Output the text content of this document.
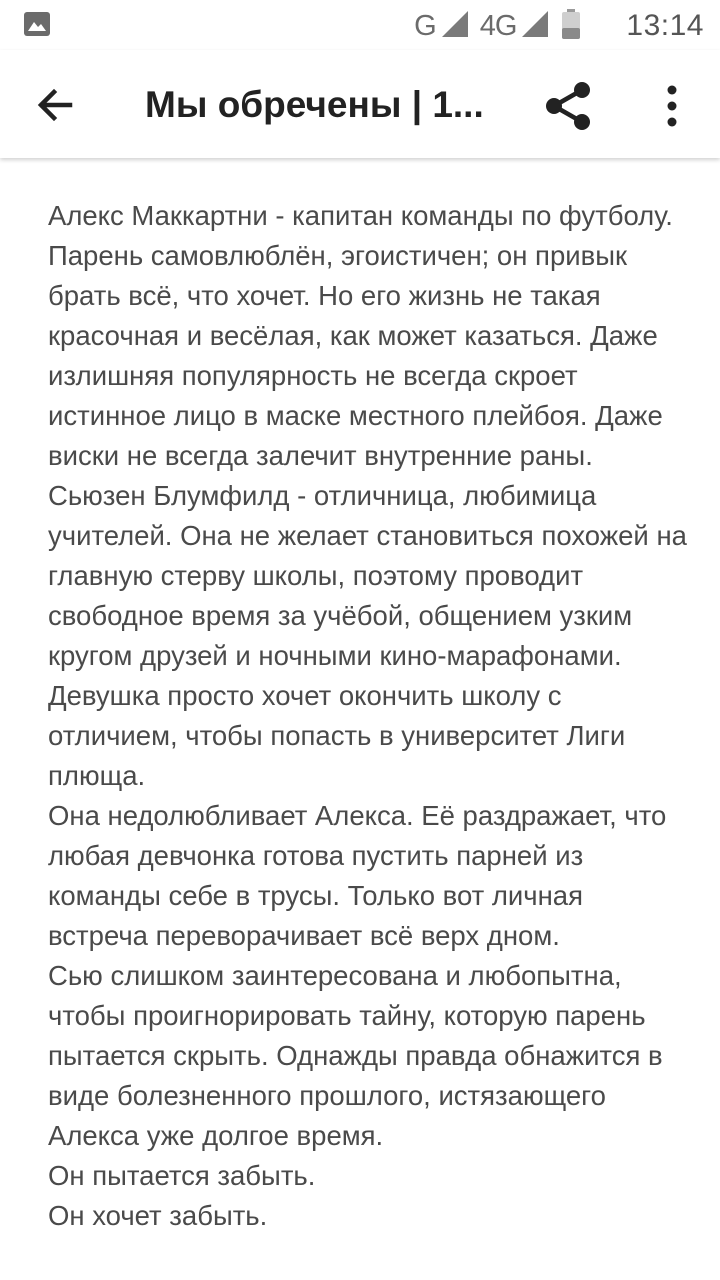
G 4G	13:14
Мы обречены | 1...

Алекс Маккартни - капитан команды по футболу. Парень самовлюблён, эгоистичен; он привык брать всё, что хочет. Но его жизнь не такая красочная и весёлая, как может казаться. Даже излишняя популярность не всегда скроет истинное лицо в маске местного плейбоя. Даже виски не всегда залечит внутренние раны.

Сьюзен Блумфилд - отличница, любимица учителей. Она не желает становиться похожей на главную стерву школы, поэтому проводит свободное время за учёбой, общением узким кругом друзей и ночными кино-марафонами. Девушка просто хочет окончить школу с отличием, чтобы попасть в университет Лиги плюща.

Она недолюбливает Алекса. Её раздражает, что любая девчонка готова пустить парней из команды себе в трусы. Только вот личная встреча переворачивает всё верх дном.

Сью слишком заинтересована и любопытна, чтобы проигнорировать тайну, которую парень пытается скрыть. Однажды правда обнажится в виде болезненного прошлого, истязающего Алекса уже долгое время.

Он пытается забыть.

Он хочет забыть.
